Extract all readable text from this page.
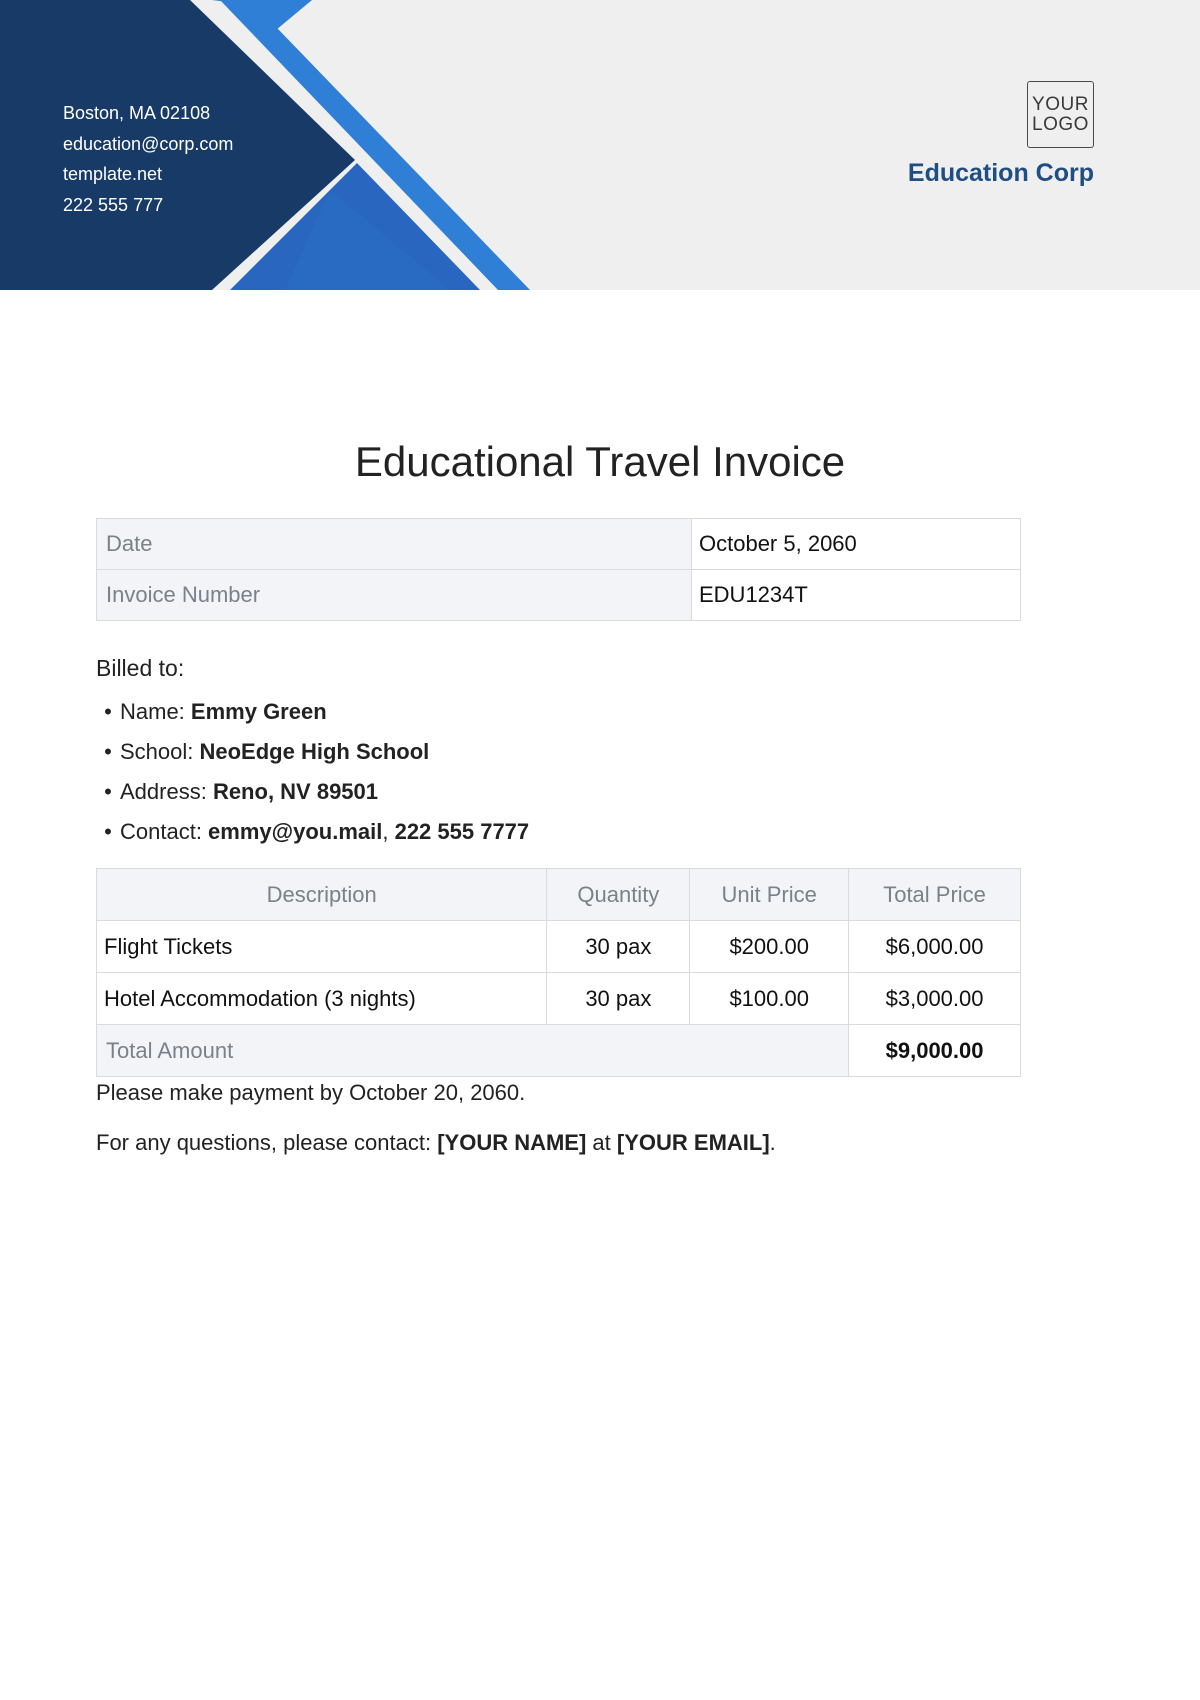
Boston, MA 02108
education@corp.com
template.net
222 555 777
YOUR
LOGO
Education Corp
Educational Travel Invoice
Date	October 5, 2060
Invoice Number	EDU1234T
Billed to:
• Name: Emmy Green
• School: NeoEdge High School
• Address: Reno, NV 89501
• Contact: emmy@you.mail, 222 555 7777
Description	Quantity	Unit Price	Total Price
Flight Tickets	30 pax	$200.00	$6,000.00
Hotel Accommodation (3 nights)	30 pax	$100.00	$3,000.00
Total Amount			$9,000.00
Please make payment by October 20, 2060.
For any questions, please contact: [YOUR NAME] at [YOUR EMAIL].
